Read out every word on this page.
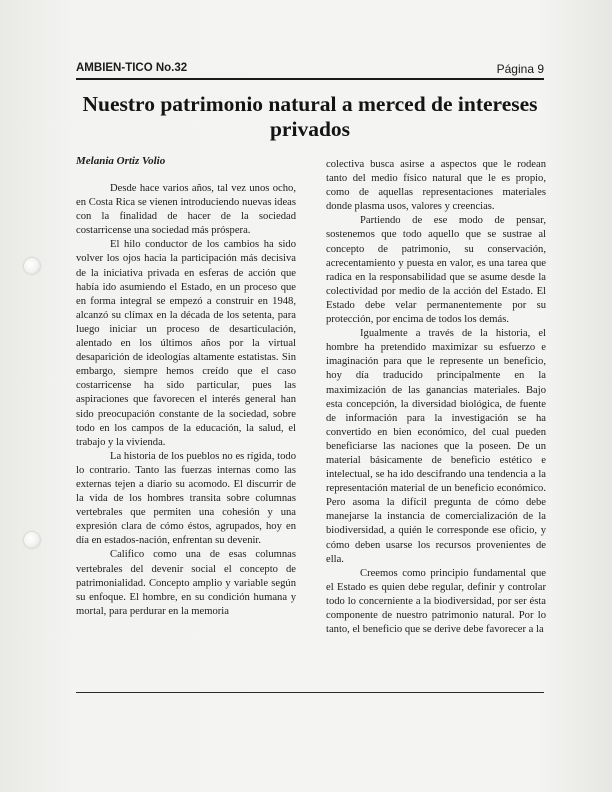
AMBIEN-TICO No.32	Página 9
Nuestro patrimonio natural a merced de intereses privados
Melania Ortiz Volio

Desde hace varios años, tal vez unos ocho, en Costa Rica se vienen introduciendo nuevas ideas con la finalidad de hacer de la sociedad costarricense una sociedad más próspera.

El hilo conductor de los cambios ha sido volver los ojos hacia la participación más decisiva de la iniciativa privada en esferas de acción que había ido asumiendo el Estado, en un proceso que en forma integral se empezó a construir en 1948, alcanzó su clímax en la década de los setenta, para luego iniciar un proceso de desarticulación, alentado en los últimos años por la virtual desaparición de ideologías altamente estatistas. Sin embargo, siempre hemos creído que el caso costarricense ha sido particular, pues las aspiraciones que favorecen el interés general han sido preocupación constante de la sociedad, sobre todo en los campos de la educación, la salud, el trabajo y la vivienda.

La historia de los pueblos no es rígida, todo lo contrario. Tanto las fuerzas internas como las externas tejen a diario su acomodo. El discurrir de la vida de los hombres transita sobre columnas vertebrales que permiten una cohesión y una expresión clara de cómo éstos, agrupados, hoy en día en estados-nación, enfrentan su devenir.

Califico como una de esas columnas vertebrales del devenir social el concepto de patrimonialidad. Concepto amplio y variable según su enfoque. El hombre, en su condición humana y mortal, para perdurar en la memoria

colectiva busca asirse a aspectos que le rodean tanto del medio físico natural que le es propio, como de aquellas representaciones materiales donde plasma usos, valores y creencias.

Partiendo de ese modo de pensar, sostenemos que todo aquello que se sustrae al concepto de patrimonio, su conservación, acrecentamiento y puesta en valor, es una tarea que radica en la responsabilidad que se asume desde la colectividad por medio de la acción del Estado. El Estado debe velar permanentemente por su protección, por encima de todos los demás.

Igualmente a través de la historia, el hombre ha pretendido maximizar su esfuerzo e imaginación para que le represente un beneficio, hoy día traducido principalmente en la maximización de las ganancias materiales. Bajo esta concepción, la diversidad biológica, de fuente de información para la investigación se ha convertido en bien económico, del cual pueden beneficiarse las naciones que la poseen. De un material básicamente de beneficio estético e intelectual, se ha ido descifrando una tendencia a la representación material de un beneficio económico. Pero asoma la difícil pregunta de cómo debe manejarse la instancia de comercialización de la biodiversidad, a quién le corresponde ese oficio, y cómo deben usarse los recursos provenientes de ella.

Creemos como principio fundamental que el Estado es quien debe regular, definir y controlar todo lo concerniente a la biodiversidad, por ser ésta componente de nuestro patrimonio natural. Por lo tanto, el beneficio que se derive debe favorecer a la
